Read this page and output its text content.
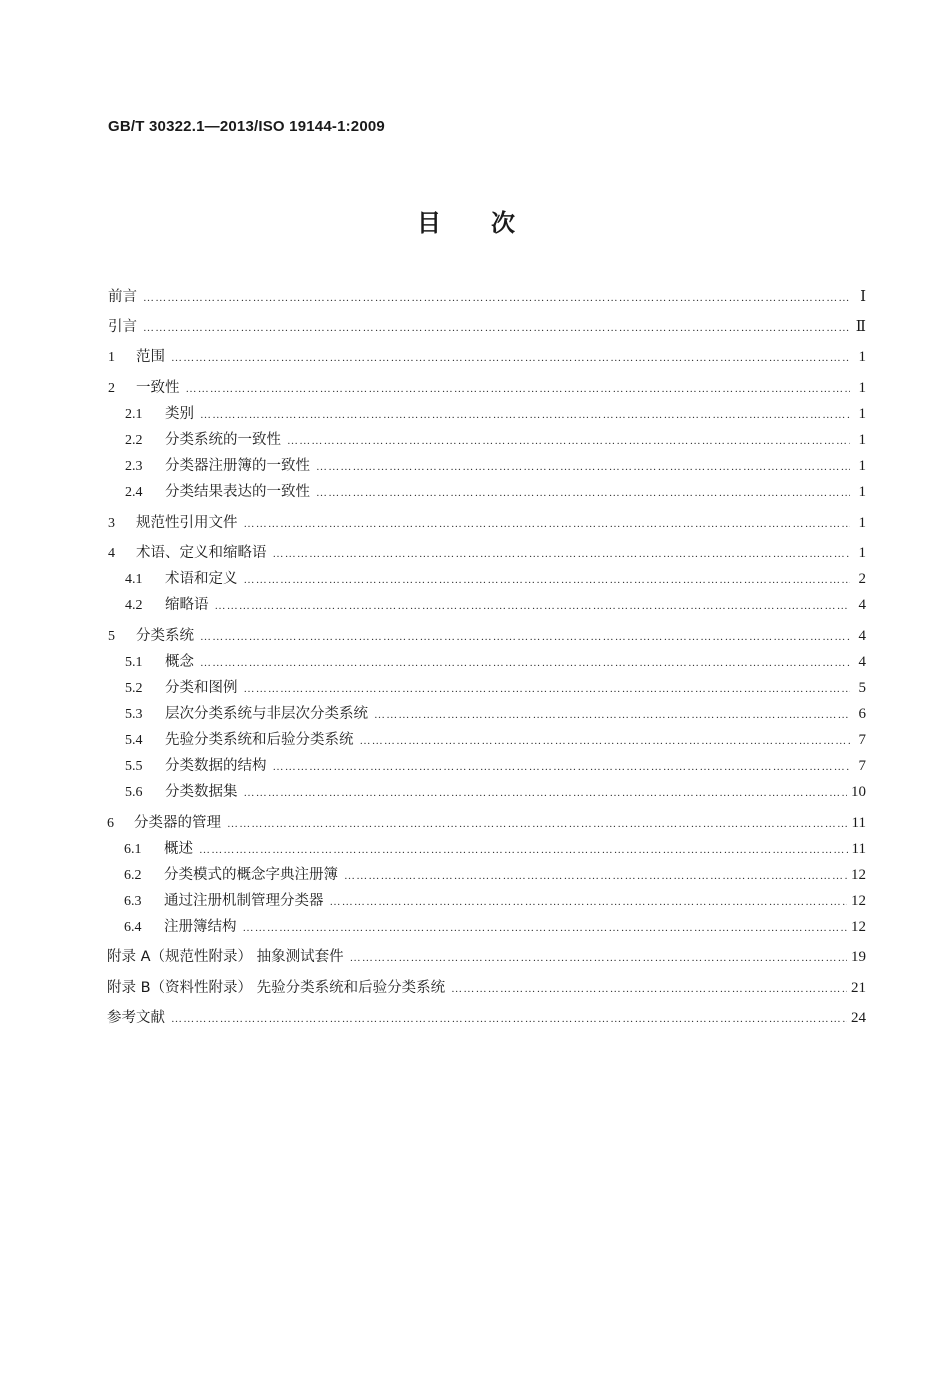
GB/T 30322.1—2013/ISO 19144-1:2009
目次
前言 ………………………………………………………………………………………………………………………………………………………………………………………………………………………………………………………………………………………	Ⅰ
引言 ………………………………………………………………………………………………………………………………………………………………………………………………………………………………………………………………………………………	Ⅱ
1 范围 ………………………………………………………………………………………………………………………………………………………………………………………………………………………………………………………………………………………	1
2 一致性 ………………………………………………………………………………………………………………………………………………………………………………………………………………………………………………………………………………………	1
2.1 类别 ………………………………………………………………………………………………………………………………………………………………………………………………………………………………………………………………………………………	1
2.2 分类系统的一致性 ………………………………………………………………………………………………………………………………………………………………………………………………………………………………………………………………………………………	1
2.3 分类器注册簿的一致性 ………………………………………………………………………………………………………………………………………………………………………………………………………………………………………………………………………………………	1
2.4 分类结果表达的一致性 ………………………………………………………………………………………………………………………………………………………………………………………………………………………………………………………………………………………	1
3 规范性引用文件 ………………………………………………………………………………………………………………………………………………………………………………………………………………………………………………………………………………………	1
4 术语、定义和缩略语 ………………………………………………………………………………………………………………………………………………………………………………………………………………………………………………………………………………………	1
4.1 术语和定义 ………………………………………………………………………………………………………………………………………………………………………………………………………………………………………………………………………………………	2
4.2 缩略语 ………………………………………………………………………………………………………………………………………………………………………………………………………………………………………………………………………………………	4
5 分类系统 ………………………………………………………………………………………………………………………………………………………………………………………………………………………………………………………………………………………	4
5.1 概念 ………………………………………………………………………………………………………………………………………………………………………………………………………………………………………………………………………………………	4
5.2 分类和图例 ………………………………………………………………………………………………………………………………………………………………………………………………………………………………………………………………………………………	5
5.3 层次分类系统与非层次分类系统 ………………………………………………………………………………………………………………………………………………………………………………………………………………………………………………………………………………………	6
5.4 先验分类系统和后验分类系统 ………………………………………………………………………………………………………………………………………………………………………………………………………………………………………………………………………………………	7
5.5 分类数据的结构 ………………………………………………………………………………………………………………………………………………………………………………………………………………………………………………………………………………………	7
5.6 分类数据集 ………………………………………………………………………………………………………………………………………………………………………………………………………………………………………………………………………………………	10
6 分类器的管理 ………………………………………………………………………………………………………………………………………………………………………………………………………………………………………………………………………………………	11
6.1 概述 ………………………………………………………………………………………………………………………………………………………………………………………………………………………………………………………………………………………	11
6.2 分类模式的概念字典注册簿 ………………………………………………………………………………………………………………………………………………………………………………………………………………………………………………………………………………………	12
6.3 通过注册机制管理分类器 ………………………………………………………………………………………………………………………………………………………………………………………………………………………………………………………………………………………	12
6.4 注册簿结构 ………………………………………………………………………………………………………………………………………………………………………………………………………………………………………………………………………………………	12
附录 A（规范性附录） 抽象测试套件 ………………………………………………………………………………………………………………………………………………………………………………………………………………………………………………………………………………………	19
附录 B（资料性附录） 先验分类系统和后验分类系统 ………………………………………………………………………………………………………………………………………………………………………………………………………………………………………………………………………………………	21
参考文献 ………………………………………………………………………………………………………………………………………………………………………………………………………………………………………………………………………………………	24
